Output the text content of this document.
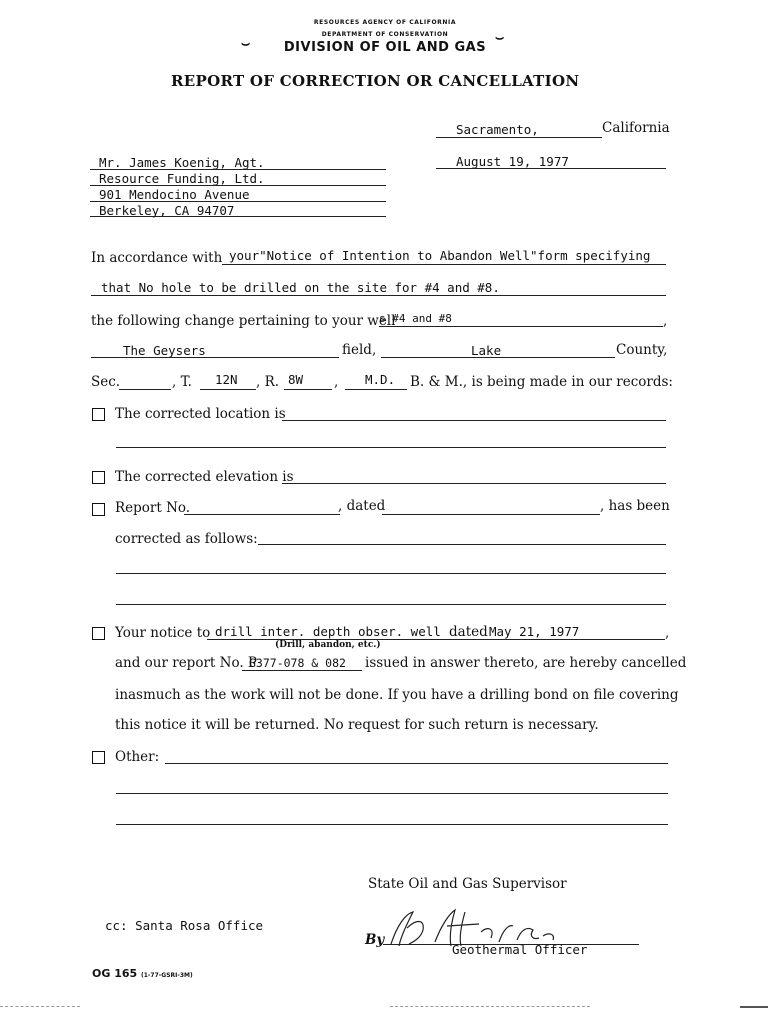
RESOURCES AGENCY OF CALIFORNIA
DEPARTMENT OF CONSERVATION
⌣	DIVISION OF OIL AND GAS
⌣
REPORT OF CORRECTION OR CANCELLATION
Sacramento,	California
August 19, 1977
Mr. James Koenig, Agt.
Resource Funding, Ltd.
901 Mendocino Avenue
Berkeley, CA 94707
In accordance with your"Notice of Intention to Abandon Well"form specifying
that No hole to be drilled on the site for #4 and #8.
the following change pertaining to your well
s #4 and #8	,
The Geysers	field,	Lake	County,
Sec.	, T. 12N , R. 8W , M.D. B. & M., is being made in our records:
The corrected location is
The corrected elevation is
Report No.	, dated	, has been
corrected as follows:
Your notice to drill inter. depth obser. well dated May 21, 1977	,
(Drill, abandon, etc.)
and our report No. P
G377-078 & 082 issued in answer thereto, are hereby cancelled
inasmuch as the work will not be done. If you have a drilling bond on file covering
this notice it will be returned. No request for such return is necessary.
Other:
State Oil and Gas Supervisor
cc: Santa Rosa Office
By
Geothermal Officer
OG 165 (1-77-GSRI-3M)
